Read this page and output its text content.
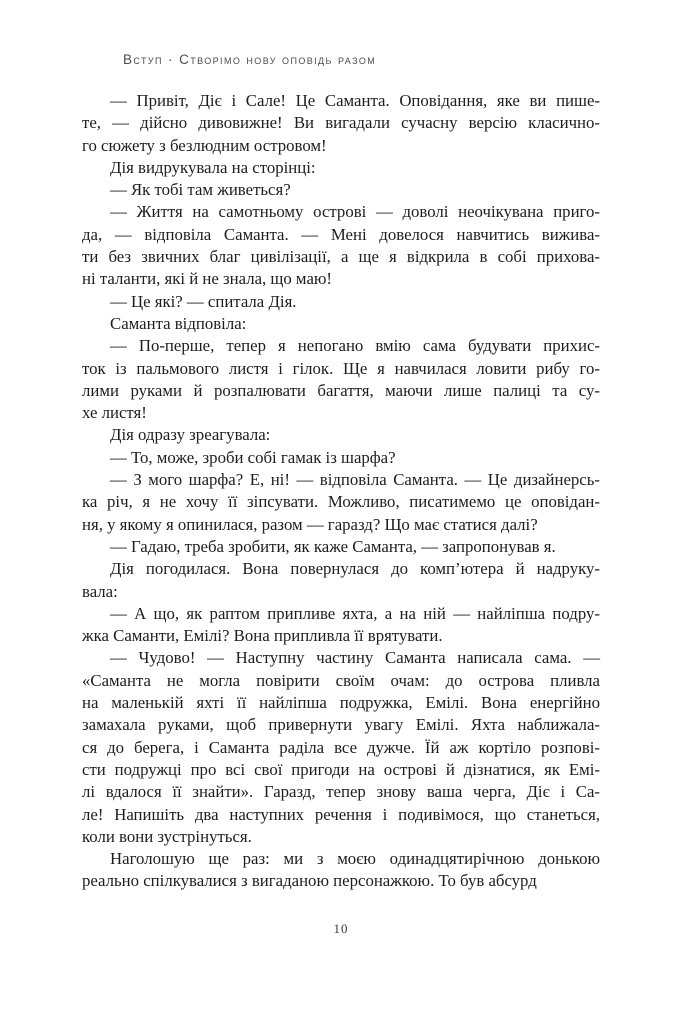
Вступ · Створімо нову оповідь разом
— Привіт, Діє і Сале! Це Саманта. Оповідання, яке ви пише-
те, — дійсно дивовижне! Ви вигадали сучасну версію класично-
го сюжету з безлюдним островом!
Дія видрукувала на сторінці:
— Як тобі там живеться?
— Життя на самотньому острові — доволі неочікувана приго-
да, — відповіла Саманта. — Мені довелося навчитись вижива-
ти без звичних благ цивілізації, а ще я відкрила в собі прихова-
ні таланти, які й не знала, що маю!
— Це які? — спитала Дія.
Саманта відповіла:
— По-перше, тепер я непогано вмію сама будувати прихис-
ток із пальмового листя і гілок. Ще я навчилася ловити рибу го-
лими руками й розпалювати багаття, маючи лише палиці та су-
хе листя!
Дія одразу зреагувала:
— То, може, зроби собі гамак із шарфа?
— З мого шарфа? Е, ні! — відповіла Саманта. — Це дизайнерсь-
ка річ, я не хочу її зіпсувати. Можливо, писатимемо це оповідан-
ня, у якому я опинилася, разом — гаразд? Що має статися далі?
— Гадаю, треба зробити, як каже Саманта, — запропонував я.
Дія погодилася. Вона повернулася до комп’ютера й надруку-
вала:
— А що, як раптом припливе яхта, а на ній — найліпша подру-
жка Саманти, Емілі? Вона припливла її врятувати.
— Чудово! — Наступну частину Саманта написала сама. —
«Саманта не могла повірити своїм очам: до острова пливла
на маленькій яхті її найліпша подружка, Емілі. Вона енергійно
замахала руками, щоб привернути увагу Емілі. Яхта наближала-
ся до берега, і Саманта раділа все дужче. Їй аж кортіло розпові-
сти подружці про всі свої пригоди на острові й дізнатися, як Емі-
лі вдалося її знайти». Гаразд, тепер знову ваша черга, Діє і Са-
ле! Напишіть два наступних речення і подивімося, що станеться,
коли вони зустрінуться.
Наголошую ще раз: ми з моєю одинадцятирічною донькою
реально спілкувалися з вигаданою персонажкою. То був абсурд
10
